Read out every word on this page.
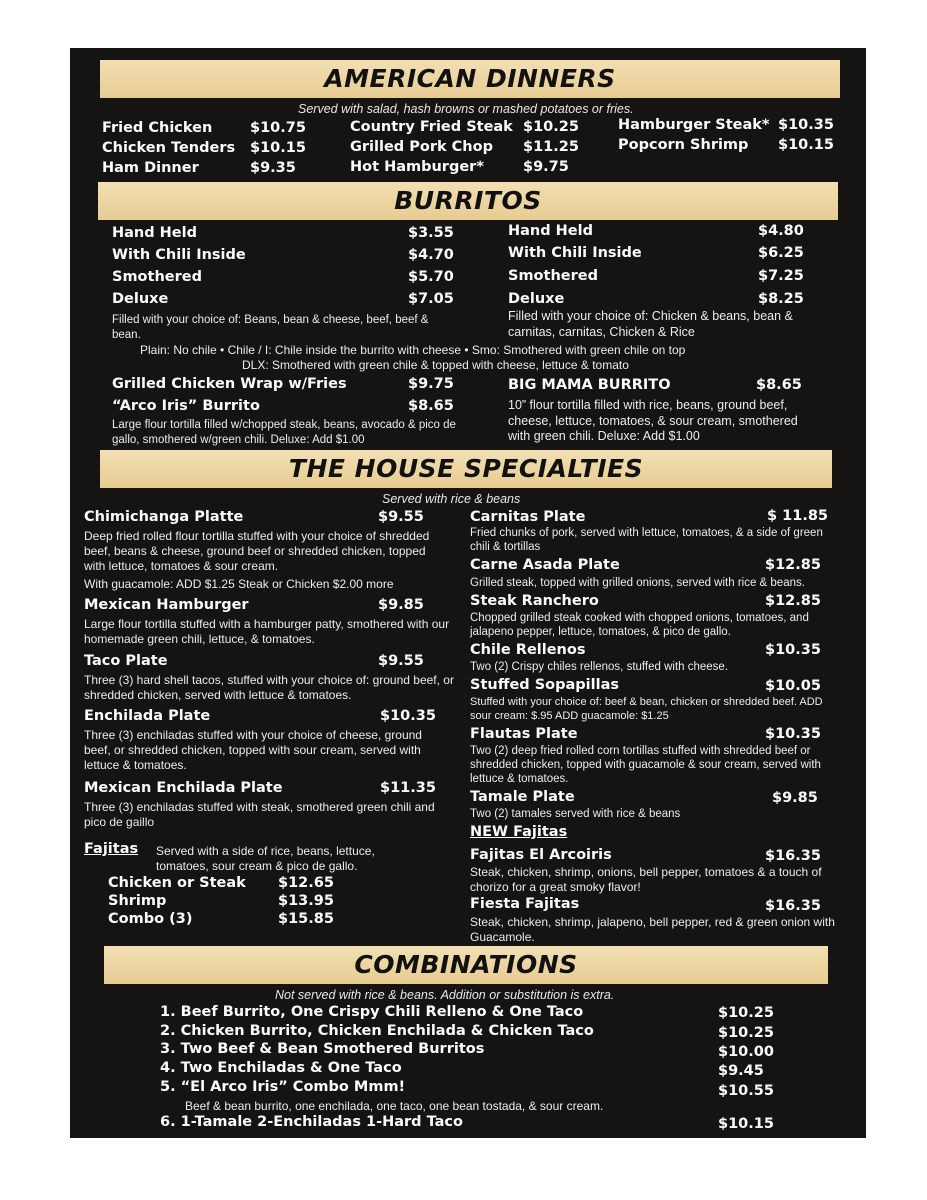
AMERICAN DINNERS
Served with salad, hash browns or mashed potatoes or fries.
Fried Chicken	$10.75
Chicken Tenders $10.15
Ham Dinner	$9.35
Country Fried Steak $10.25
Grilled Pork Chop $11.25
Hot Hamburger*	$9.75
Hamburger Steak* $10.35
Popcorn Shrimp $10.15
BURRITOS
Hand Held	$3.55
With Chili Inside	$4.70
Smothered	$5.70
Deluxe	$7.05
Filled with your choice of: Beans, bean & cheese, beef, beef & bean.
Hand Held	$4.80
With Chili Inside	$6.25
Smothered	$7.25
Deluxe	$8.25
Filled with your choice of: Chicken & beans, bean & carnitas, carnitas, Chicken & Rice
Plain: No chile • Chile / I: Chile inside the burrito with cheese • Smo: Smothered with green chile on top
DLX: Smothered with green chile & topped with cheese, lettuce & tomato
Grilled Chicken Wrap w/Fries	$9.75
“Arco Iris” Burrito	$8.65
Large flour tortilla filled w/chopped steak, beans, avocado & pico de gallo, smothered w/green chili. Deluxe: Add $1.00
BIG MAMA BURRITO	$8.65
10” flour tortilla filled with rice, beans, ground beef, cheese, lettuce, tomatoes, & sour cream, smothered with green chili. Deluxe: Add $1.00
THE HOUSE SPECIALTIES
Served with rice & beans
Chimichanga Platte	$9.55
Deep fried rolled flour tortilla stuffed with your choice of shredded beef, beans & cheese, ground beef or shredded chicken, topped with lettuce, tomatoes & sour cream.
With guacamole: ADD $1.25 Steak or Chicken $2.00 more
Mexican Hamburger	$9.85
Large flour tortilla stuffed with a hamburger patty, smothered with our homemade green chili, lettuce, & tomatoes.
Taco Plate	$9.55
Three (3) hard shell tacos, stuffed with your choice of: ground beef, or shredded chicken, served with lettuce & tomatoes.
Enchilada Plate	$10.35
Three (3) enchiladas stuffed with your choice of cheese, ground beef, or shredded chicken, topped with sour cream, served with lettuce & tomatoes.
Mexican Enchilada Plate	$11.35
Three (3) enchiladas stuffed with steak, smothered green chili and pico de gaillo
Fajitas Served with a side of rice, beans, lettuce, tomatoes, sour cream & pico de gallo.
Chicken or Steak $12.65
Shrimp	$13.95
Combo (3)	$15.85
Carnitas Plate	$ 11.85
Fried chunks of pork, served with lettuce, tomatoes, & a side of green chili & tortillas
Carne Asada Plate	$12.85
Grilled steak, topped with grilled onions, served with rice & beans.
Steak Ranchero	$12.85
Chopped grilled steak cooked with chopped onions, tomatoes, and jalapeno pepper, lettuce, tomatoes, & pico de gallo.
Chile Rellenos	$10.35
Two (2) Crispy chiles rellenos, stuffed with cheese.
Stuffed Sopapillas	$10.05
Stuffed with your choice of: beef & bean, chicken or shredded beef. ADD sour cream: $.95 ADD guacamole: $1.25
Flautas Plate	$10.35
Two (2) deep fried rolled corn tortillas stuffed with shredded beef or shredded chicken, topped with guacamole & sour cream, served with lettuce & tomatoes.
Tamale Plate	$9.85
Two (2) tamales served with rice & beans
NEW Fajitas
Fajitas El Arcoiris	$16.35
Steak, chicken, shrimp, onions, bell pepper, tomatoes & a touch of chorizo for a great smoky flavor!
Fiesta Fajitas	$16.35
Steak, chicken, shrimp, jalapeno, bell pepper, red & green onion with Guacamole.
COMBINATIONS
Not served with rice & beans. Addition or substitution is extra.
1. Beef Burrito, One Crispy Chili Relleno & One Taco	$10.25
2. Chicken Burrito, Chicken Enchilada & Chicken Taco	$10.25
3. Two Beef & Bean Smothered Burritos	$10.00
4. Two Enchiladas & One Taco	$9.45
5. “El Arco Iris” Combo Mmm!	$10.55
Beef & bean burrito, one enchilada, one taco, one bean tostada, & sour cream.
6. 1-Tamale 2-Enchiladas 1-Hard Taco	$10.15
